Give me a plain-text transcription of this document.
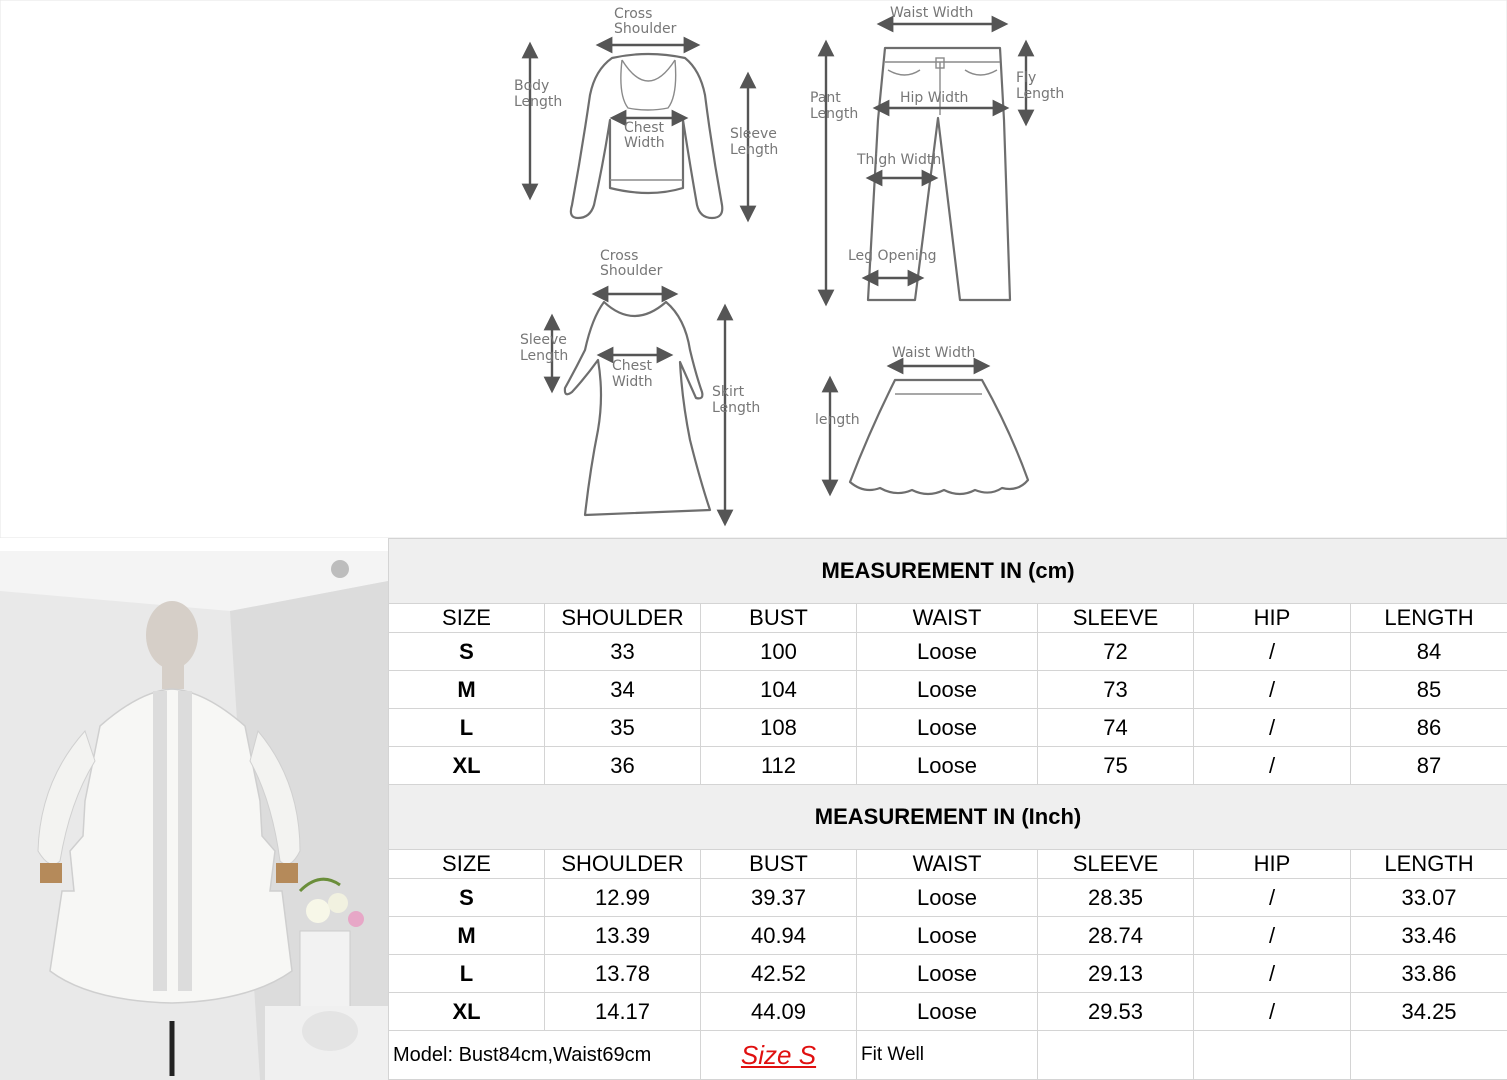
Cross Shoulder
Body Length
Chest Width
Sleeve Length
Waist Width
Fly Length
Pant Length
Hip Width
Thigh Width
Leg Opening
Cross Shoulder
Sleeve Length
Chest Width
Skirt Length
Waist Width
length
MEASUREMENT IN (cm)						
SIZE	SHOULDER	BUST	WAIST	SLEEVE	HIP	LENGTH
S	33	100	Loose	72	/	84
M	34	104	Loose	73	/	85
L	35	108	Loose	74	/	86
XL	36	112	Loose	75	/	87
MEASUREMENT IN (Inch)						
SIZE	SHOULDER	BUST	WAIST	SLEEVE	HIP	LENGTH
S	12.99	39.37	Loose	28.35	/	33.07
M	13.39	40.94	Loose	28.74	/	33.46
L	13.78	42.52	Loose	29.13	/	33.86
XL	14.17	44.09	Loose	29.53	/	34.25
Model: Bust84cm,Waist69cm		Size S	Fit Well			
